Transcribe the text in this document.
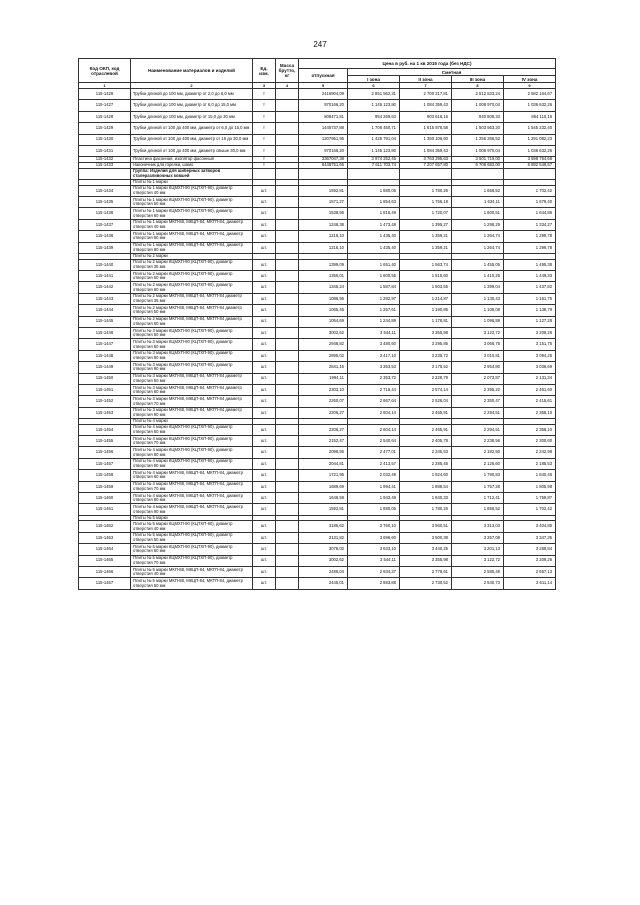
247
Код ОКП, код отраслевой	Наименование материалов и изделий	Ед. изм.	Масса брутто, кг	Цена в руб. на 1 кв 2015 года (без НДС)				
				отпускная	Сметная			
					I зона	II зона	III зона	IV зона
1	2	3	4	5	6	7	8	9
115-1426	Трубки длиной до 100 мм, диаметр от 2,0 до 6,0 мм	т		2416904,09	2 851 562,31	2 700 217,81	2 512 533,24	2 582 164,67
115-1427	Трубки длиной до 100 мм, диаметр от 6,0 до 15,0 мм	т		970166,20	1 145 123,80	1 084 359,43	1 008 970,04	1 036 632,26
115-1428	Трубки длиной до 100 мм, диаметр от 15,0 до 30 мм	т		808471,81	954 269,63	903 616,16	840 808,33	864 110,16
115-1429	Трубки длиной от 100 до 400 мм, диаметр от 6,0 до 15,0 мм	т		1445737,88	1 706 450,71	1 615 878,58	1 503 563,20	1 545 232,40
115-1430	Трубки длиной от 100 до 400 мм, диаметр от 15 до 30,0 мм	т		1207951,95	1 425 791,04	1 350 106,60	1 256 266,52	1 291 082,23
115-1431	Трубки длиной от 100 до 400 мм, диаметр свыше 30,0 мм	т		970166,20	1 145 123,80	1 084 359,43	1 008 970,04	1 036 632,26
115-1432	Пластина фасонная, изолятор фасонный	т		3367047,38	3 974 252,45	3 763 295,63	3 501 719,00	3 598 764,68
115-1433	Наконечник для горелки, шамо	т		6448751,66	7 611 703,74	7 207 657,80	6 706 683,00	6 892 549,57
	Группа: Изделия для шиберных затворов сталеразливочных ковшей							
	Плиты № 1 марки							
115-1434	Плиты № 1 марки КЦМХП-90 (КЦТХП-90), диаметр отверстия 40 мм	шт.		1592,81	1 880,05	1 780,26	1 656,52	1 702,42
115-1435	Плиты № 1 марки КЦМХП-90 (КЦТХП-90), диаметр отверстия 50 мм	шт.		1571,27	1 854,63	1 756,18	1 634,11	1 679,40
115-1436	Плиты № 1 марки КЦМХП-90 (КЦТХП-90), диаметр отверстия 60 мм	шт.		1538,95	1 816,49	1 720,07	1 600,51	1 644,86
115-1437	Плиты № 1 марки МКП-88, МКЦП-84, МКТП-84, диаметр отверстия 40 мм	шт.		1248,38	1 473,48	1 395,27	1 298,29	1 334,27
115-1438	Плиты № 1 марки МКП-88, МКЦП-84, МКТП-84, диаметр отверстия 60 мм	шт.		1216,10	1 435,40	1 359,21	1 264,74	1 299,78
115-1439	Плиты № 1 марки МКП-88, МКЦП-84, МКТП-84, диаметр отверстия 80 мм	шт.		1216,10	1 435,40	1 359,21	1 264,74	1 299,78
	Плиты № 2 марки							
115-1440	Плиты № 2 марки КЦМХП-90 (КЦТХП-90), диаметр отверстия 35 мм	шт.		1399,09	1 651,40	1 563,74	1 455,05	1 495,38
115-1441	Плиты № 2 марки КЦМХП-90 (КЦТХП-90), диаметр отверстия 50 мм	шт.		1356,01	1 600,55	1 515,60	1 410,25	1 449,33
115-1442	Плиты № 2 марки КЦМХП-90 (КЦТХП-90), диаметр отверстия 60 мм	шт.		1345,24	1 587,84	1 503,55	1 399,04	1 437,82
115-1443	Плиты № 2 марки МКП-88, МКЦП-84, МКТП-84 диаметр отверстия 35 мм	шт.		1086,95	1 282,97	1 214,87	1 130,43	1 161,75
115-1444	Плиты № 2 марки МКП-88, МКЦП-84, МКТП-84 диаметр отверстия 50 мм	шт.		1065,45	1 257,61	1 190,85	1 108,08	1 138,79
115-1445	Плиты № 2 марки МКП-88, МКЦП-84, МКТП-84 диаметр отверстия 60 мм	шт.		1054,69	1 244,89	1 178,81	1 096,88	1 127,28
115-1446	Плиты № 3 марки КЦМХП-90 (КЦТХП-90), диаметр отверстия 50 мм	шт.		3002,62	3 544,11	3 355,98	3 122,72	3 209,26
115-1447	Плиты № 3 марки КЦМХП-90 (КЦТХП-90), диаметр отверстия 60 мм	шт.		2948,82	3 480,60	3 295,85	3 066,76	3 151,75
115-1448	Плиты № 3 марки КЦМХП-90 (КЦТХП-90), диаметр отверстия 80 мм	шт.		2895,02	3 417,10	3 235,72	3 010,81	3 094,25
115-1449	Плиты № 3 марки КЦМХП-90 (КЦТХП-90), диаметр отверстия 90 мм	шт.		2841,16	3 353,53	3 175,52	2 954,80	3 036,69
115-1450	Плиты № 3 марки МКП-88, МКЦП-84, МКТП-84 диаметр отверстия 50 мм	шт.		1994,11	2 353,72	2 228,79	2 073,87	2 131,34
115-1451	Плиты № 3 марки МКП-88, МКЦП-84, МКТП-84 диаметр отверстия 60 мм	шт.		2303,10	2 718,44	2 574,14	2 395,22	2 461,60
115-1452	Плиты № 3 марки МКП-88, МКЦП-84, МКТП-84 диаметр отверстия 70 мм	шт.		2260,07	2 667,64	2 526,04	2 350,47	2 415,61
115-1453	Плиты № 3 марки МКП-88, МКЦП-84, МКТП-84 диаметр отверстия 90 мм	шт.		2206,27	2 604,14	2 465,91	2 294,51	2 358,10
	Плиты № 4 марки							
115-1454	Плиты № 4 марки КЦМХП-90 (КЦТХП-90), диаметр отверстия 60 мм	шт.		2206,27	2 604,14	2 465,91	2 294,51	2 358,10
115-1455	Плиты № 4 марки КЦМХП-90 (КЦТХП-90), диаметр отверстия 70 мм	шт.		2152,47	2 540,64	2 405,78	2 238,56	2 300,60
115-1456	Плиты № 4 марки КЦМХП-90 (КЦТХП-90), диаметр отверстия 80 мм	шт.		2098,56	2 477,01	2 345,53	2 182,50	2 242,98
115-1457	Плиты № 4 марки КЦМХП-90 (КЦТХП-90), диаметр отверстия 90 мм	шт.		2044,81	2 413,57	2 285,45	2 126,60	2 185,53
115-1458	Плиты № 4 марки МКП-88, МКЦП-84, МКТП-84, диаметр отверстия 60 мм	шт.		1721,95	2 032,49	1 924,60	1 790,83	1 840,46
115-1459	Плиты № 4 марки МКП-88, МКЦП-84, МКТП-84, диаметр отверстия 70 мм	шт.		1689,69	1 994,41	1 888,54	1 757,28	1 805,98
115-1460	Плиты № 4 марки МКП-88, МКЦП-84, МКТП-84, диаметр отверстия 80 мм	шт.		1646,58	1 943,49	1 840,33	1 712,41	1 759,87
115-1461	Плиты № 4 марки МКП-88, МКЦП-84, МКТП-84, диаметр отверстия 90 мм	шт.		1592,81	1 880,05	1 780,26	1 656,52	1 702,42
	Плиты № 5 марки							
115-1462	Плиты № 5 марки КЦМХП-90 (КЦТХП-90), диаметр отверстия 40 мм	шт.		3185,62	3 760,10	3 560,51	3 313,03	3 404,85
115-1463	Плиты № 5 марки КЦМХП-90 (КЦТХП-90), диаметр отверстия 50 мм	шт.		3131,82	3 696,60	3 500,38	3 257,08	3 347,35
115-1464	Плиты № 5 марки КЦМХП-90 (КЦТХП-90), диаметр отверстия 60 мм	шт.		3078,02	3 633,10	3 440,25	3 201,13	3 289,84
115-1465	Плиты № 5 марки КЦМХП-90 (КЦТХП-90), диаметр отверстия 70 мм	шт.		3002,62	3 544,11	3 355,98	3 122,72	3 209,26
115-1466	Плиты № 5 марки МКП-88, МКЦП-84, МКТП-84, диаметр отверстия 40 мм	шт.		2486,04	2 934,37	2 778,61	2 585,48	2 657,13
115-1467	Плиты № 5 марки МКП-88, МКЦП-84, МКТП-84, диаметр отверстия 50 мм	шт.		2445,01	2 883,88	2 730,52	2 540,73	2 611,14
